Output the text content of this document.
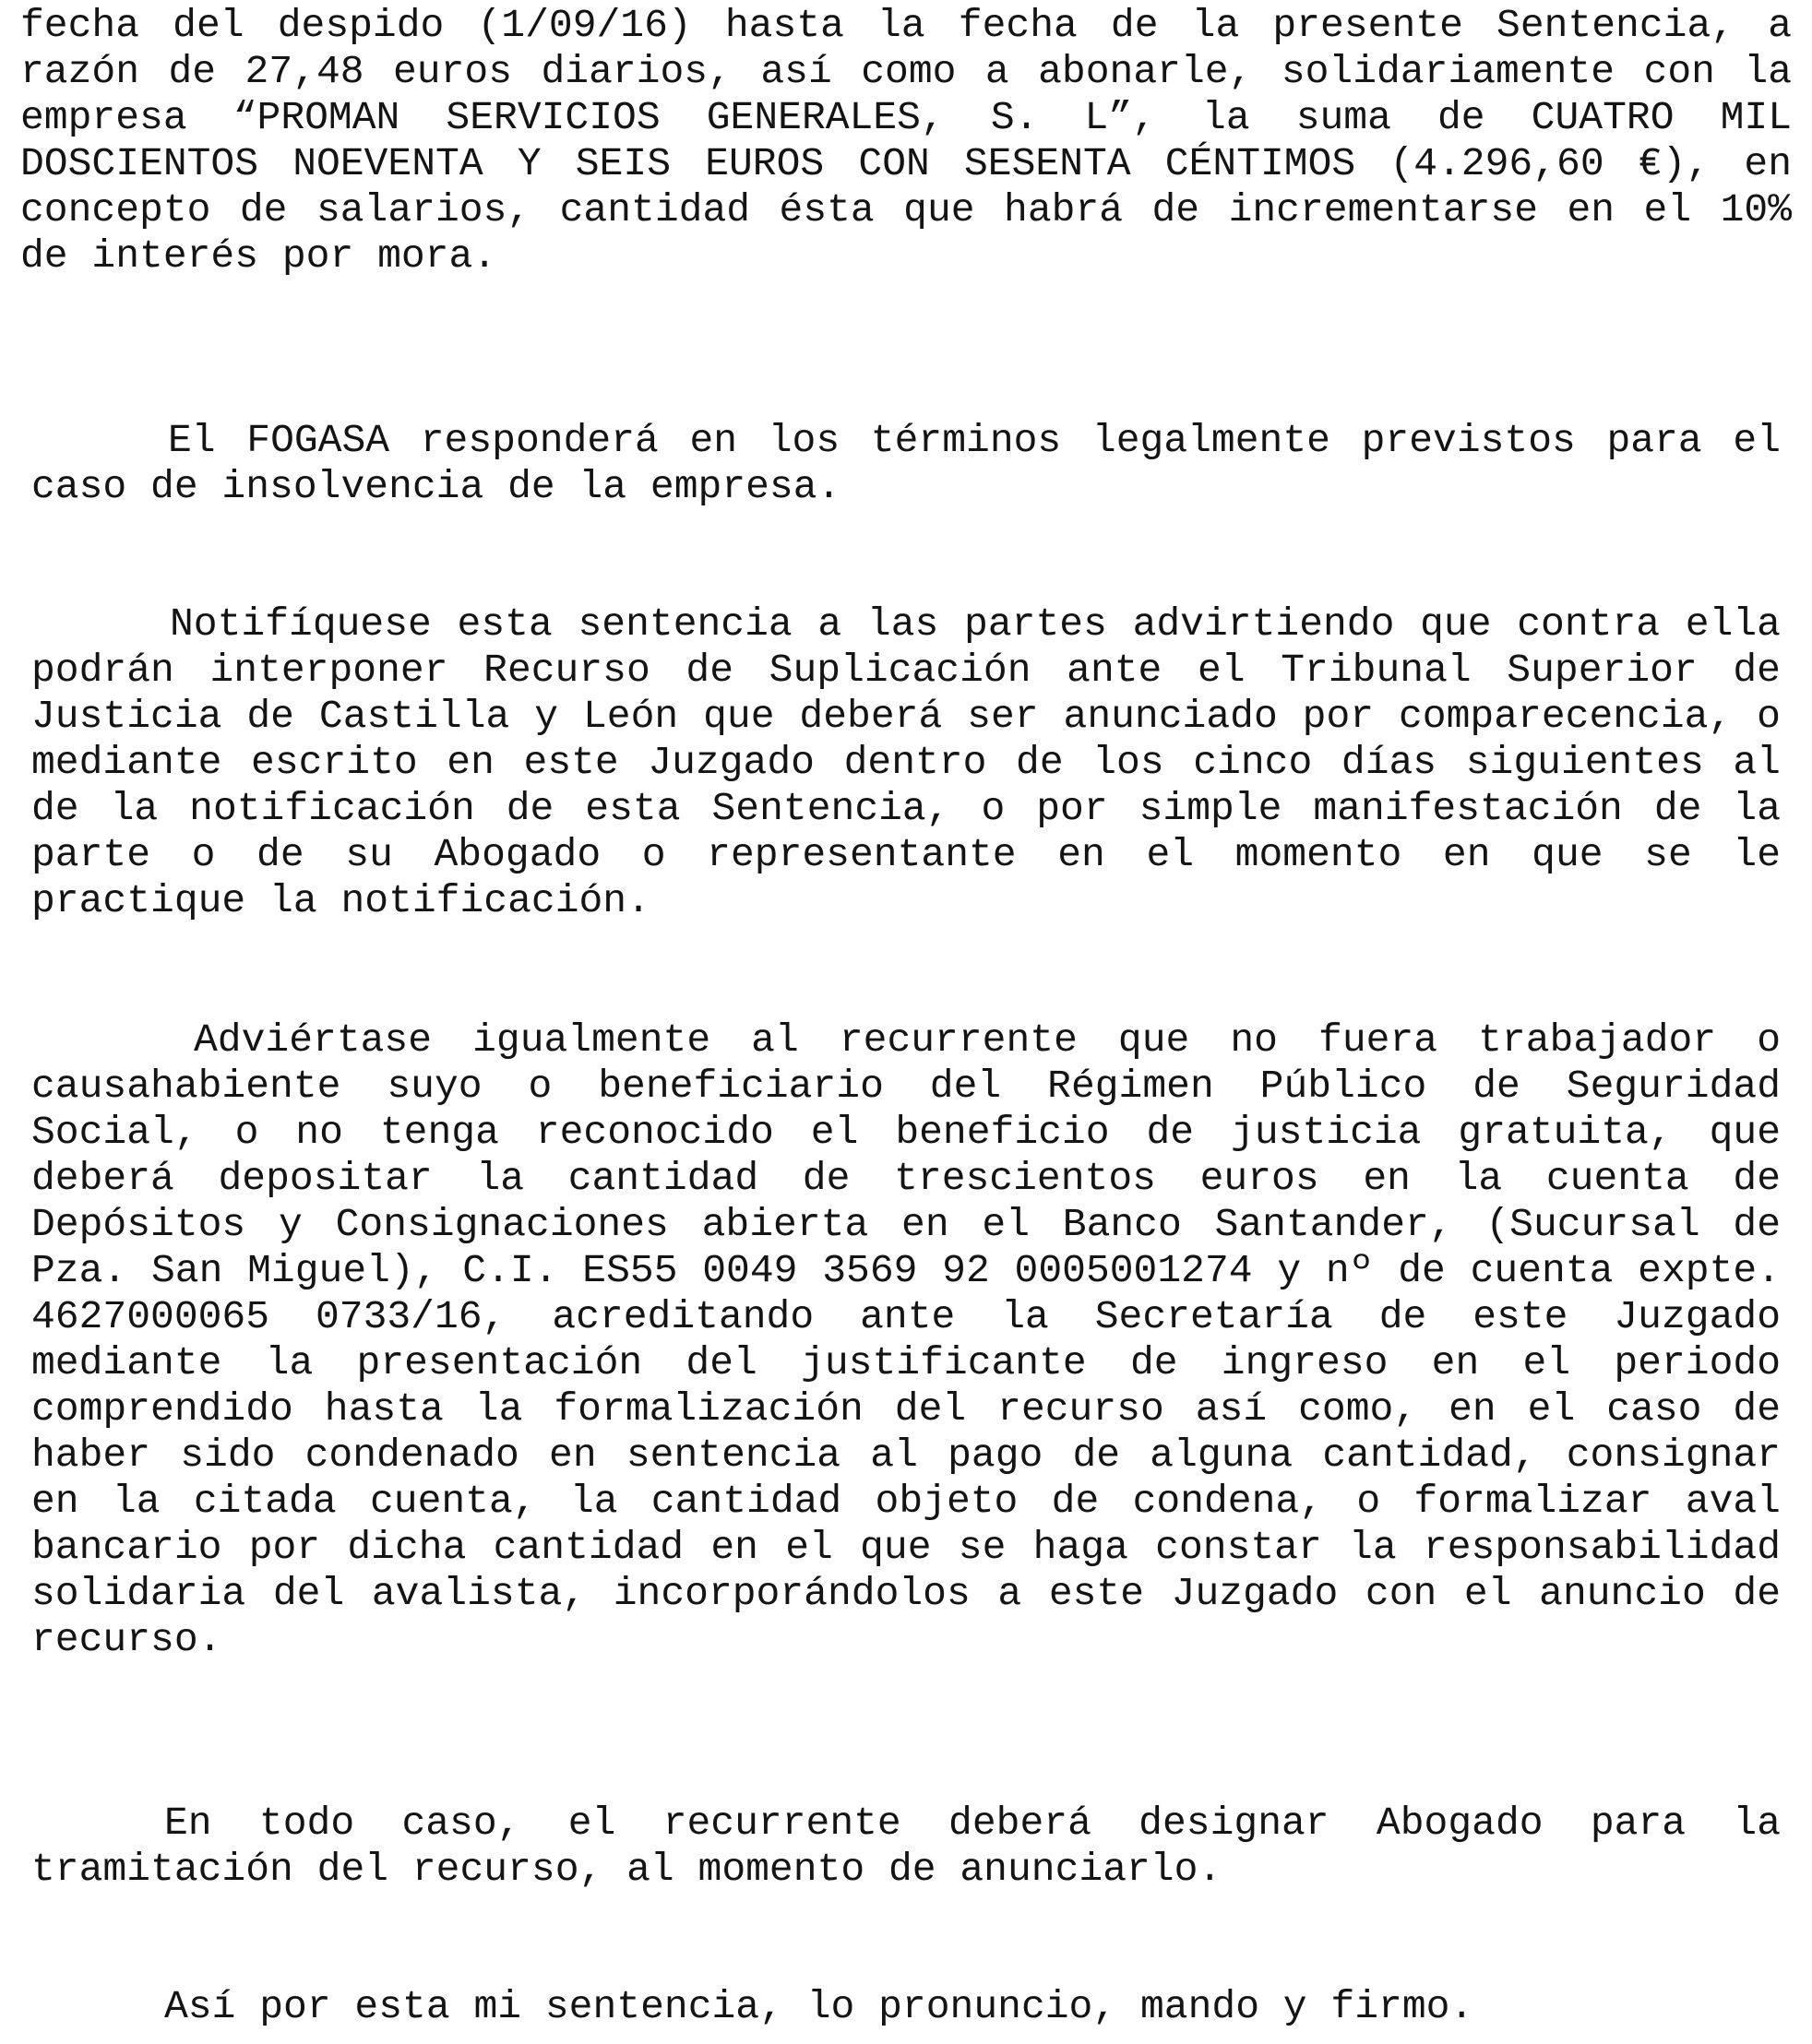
fecha del despido (1/09/16) hasta la fecha de la presente Sentencia, a razón de 27,48 euros diarios, así como a abonarle, solidariamente con la empresa “PROMAN SERVICIOS GENERALES, S. L”, la suma de CUATRO MIL DOSCIENTOS NOEVENTA Y SEIS EUROS CON SESENTA CÉNTIMOS (4.296,60 €), en concepto de salarios, cantidad ésta que habrá de incrementarse en el 10% de interés por mora.

El FOGASA responderá en los términos legalmente previstos para el caso de insolvencia de la empresa.

Notifíquese esta sentencia a las partes advirtiendo que contra ella podrán interponer Recurso de Suplicación ante el Tribunal Superior de Justicia de Castilla y León que deberá ser anunciado por comparecencia, o mediante escrito en este Juzgado dentro de los cinco días siguientes al de la notificación de esta Sentencia, o por simple manifestación de la parte o de su Abogado o representante en el momento en que se le practique la notificación.

Adviértase igualmente al recurrente que no fuera trabajador o causahabiente suyo o beneficiario del Régimen Público de Seguridad Social, o no tenga reconocido el beneficio de justicia gratuita, que deberá depositar la cantidad de trescientos euros en la cuenta de Depósitos y Consignaciones abierta en el Banco Santander, (Sucursal de Pza. San Miguel), C.I. ES55 0049 3569 92 0005001274 y nº de cuenta expte. 4627000065 0733/16, acreditando ante la Secretaría de este Juzgado mediante la presentación del justificante de ingreso en el periodo comprendido hasta la formalización del recurso así como, en el caso de haber sido condenado en sentencia al pago de alguna cantidad, consignar en la citada cuenta, la cantidad objeto de condena, o formalizar aval bancario por dicha cantidad en el que se haga constar la responsabilidad solidaria del avalista, incorporándolos a este Juzgado con el anuncio de recurso.

En todo caso, el recurrente deberá designar Abogado para la tramitación del recurso, al momento de anunciarlo.

Así por esta mi sentencia, lo pronuncio, mando y firmo.
